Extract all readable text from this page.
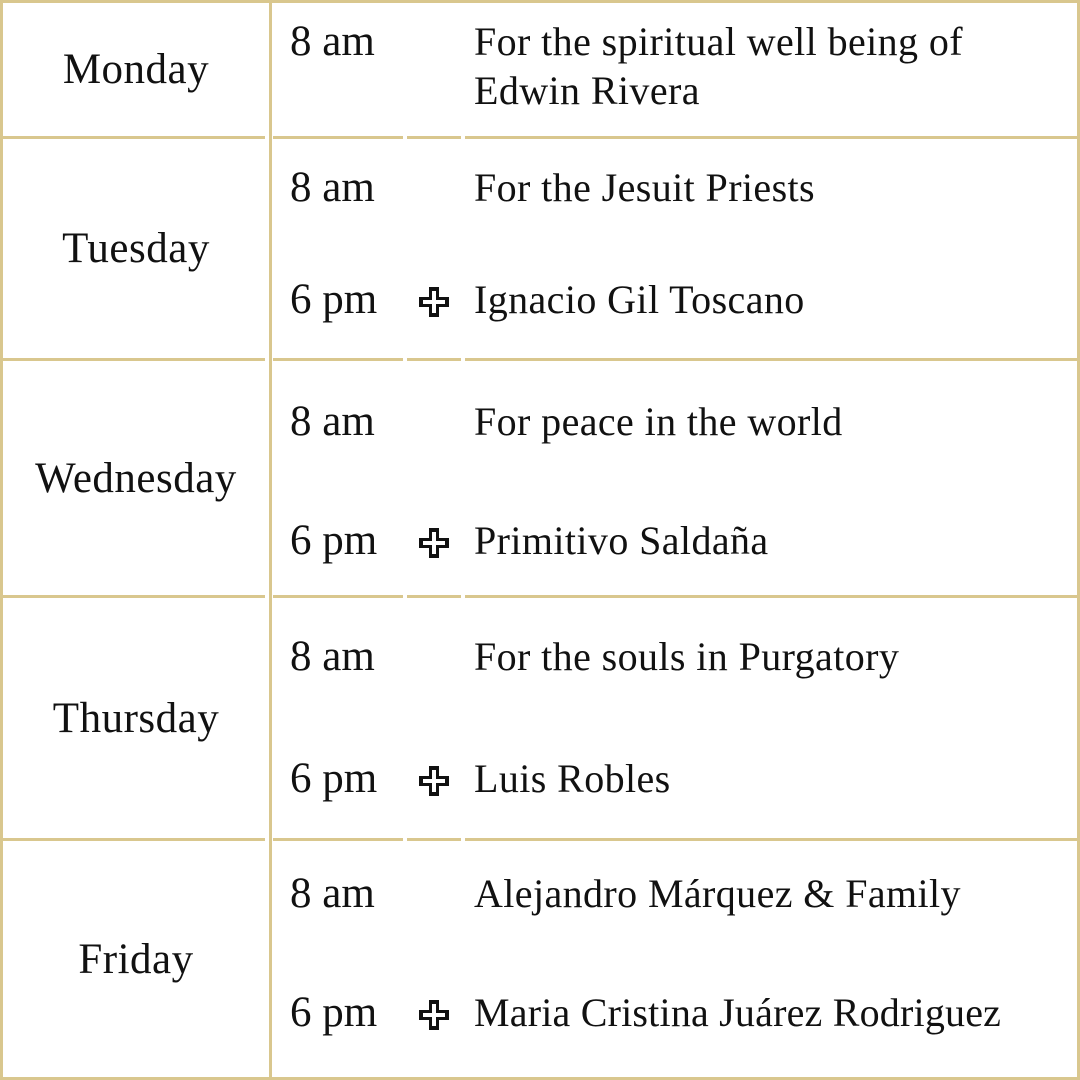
Monday
8 am For the spiritual well being of
Edwin Rivera
Tuesday
8 am For the Jesuit Priests
6 pm Ignacio Gil Toscano
Wednesday
8 am For peace in the world
6 pm Primitivo Saldaña
Thursday
8 am For the souls in Purgatory
6 pm Luis Robles
Friday
8 am Alejandro Márquez & Family
6 pm Maria Cristina Juárez Rodriguez
